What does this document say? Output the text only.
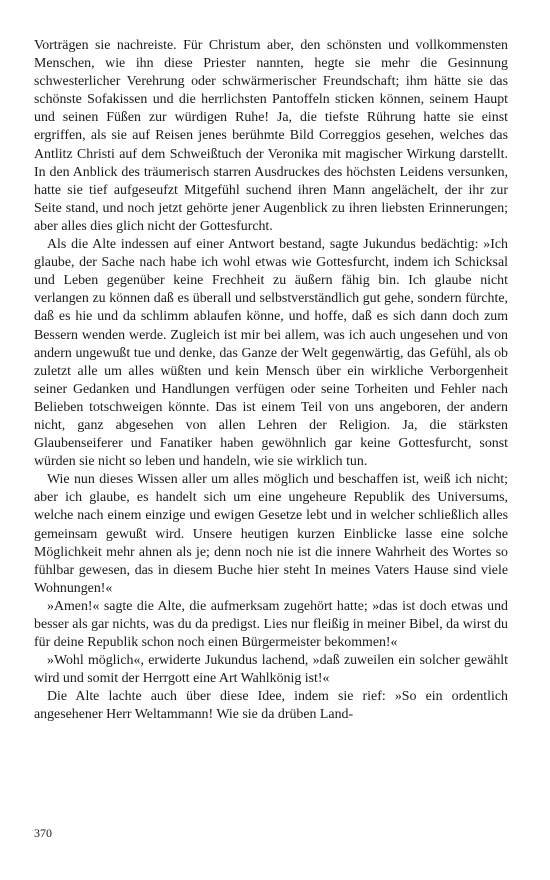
Vorträgen sie nachreiste. Für Christum aber, den schönsten und vollkommensten Menschen, wie ihn diese Priester nannten, hegte sie mehr die Gesinnung schwesterlicher Verehrung oder schwärmerischer Freundschaft; ihm hätte sie das schönste Sofakissen und die herrlichsten Pantoffeln sticken können, seinem Haupt und seinen Füßen zur würdigen Ruhe! Ja, die tiefste Rührung hatte sie einst ergriffen, als sie auf Reisen jenes berühmte Bild Correggios gesehen, welches das Antlitz Christi auf dem Schweißtuch der Veronika mit magischer Wirkung darstellt. In den Anblick des träumerisch starren Ausdruckes des höchsten Leidens versunken, hatte sie tief aufgeseufzt Mitgefühl suchend ihren Mann angelächelt, der ihr zur Seite stand, und noch jetzt gehörte jener Augenblick zu ihren liebsten Erinnerungen; aber alles dies glich nicht der Gottesfurcht.

Als die Alte indessen auf einer Antwort bestand, sagte Jukundus bedächtig: »Ich glaube, der Sache nach habe ich wohl etwas wie Gottesfurcht, indem ich Schicksal und Leben gegenüber keine Frechheit zu äußern fähig bin. Ich glaube nicht verlangen zu können daß es überall und selbstverständlich gut gehe, sondern fürchte, daß es hie und da schlimm ablaufen könne, und hoffe, daß es sich dann doch zum Bessern wenden werde. Zugleich ist mir bei allem, was ich auch ungesehen und von andern ungewußt tue und denke, das Ganze der Welt gegenwärtig, das Gefühl, als ob zuletzt alle um alles wüßten und kein Mensch über ein wirkliche Verborgenheit seiner Gedanken und Handlungen verfügen oder seine Torheiten und Fehler nach Belieben totschweigen könnte. Das ist einem Teil von uns angeboren, der andern nicht, ganz abgesehen von allen Lehren der Religion. Ja, die stärksten Glaubenseiferer und Fanatiker haben gewöhnlich gar keine Gottesfurcht, sonst würden sie nicht so leben und handeln, wie sie wirklich tun.

Wie nun dieses Wissen aller um alles möglich und beschaffen ist, weiß ich nicht; aber ich glaube, es handelt sich um eine ungeheure Republik des Universums, welche nach einem einzige und ewigen Gesetze lebt und in welcher schließlich alles gemeinsam gewußt wird. Unsere heutigen kurzen Einblicke lasse eine solche Möglichkeit mehr ahnen als je; denn noch nie ist die innere Wahrheit des Wortes so fühlbar gewesen, das in diesem Buche hier steht In meines Vaters Hause sind viele Wohnungen!«

»Amen!« sagte die Alte, die aufmerksam zugehört hatte; »das ist doch etwas und besser als gar nichts, was du da predigst. Lies nur fleißig in meiner Bibel, da wirst du für deine Republik schon noch einen Bürgermeister bekommen!«

»Wohl möglich«, erwiderte Jukundus lachend, »daß zuweilen ein solcher gewählt wird und somit der Herrgott eine Art Wahlkönig ist!«

Die Alte lachte auch über diese Idee, indem sie rief: »So ein ordentlich angesehener Herr Weltammann! Wie sie da drüben Land-

370
